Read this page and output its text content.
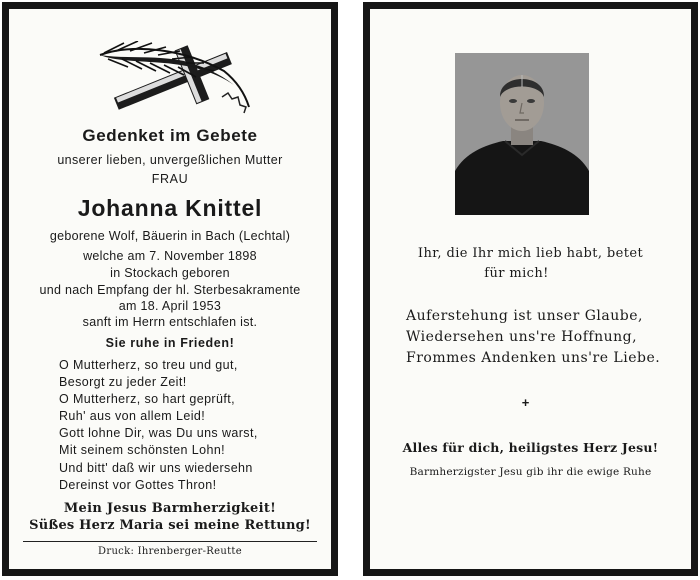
Gedenket im Gebete
unserer lieben, unvergeßlichen Mutter
FRAU
Johanna Knittel
geborene Wolf, Bäuerin in Bach (Lechtal)
welche am 7. November 1898
in Stockach geboren
und nach Empfang der hl. Sterbesakramente
am 18. April 1953
sanft im Herrn entschlafen ist.
Sie ruhe in Frieden!
O Mutterherz, so treu und gut,
Besorgt zu jeder Zeit!
O Mutterherz, so hart geprüft,
Ruh' aus von allem Leid!
Gott lohne Dir, was Du uns warst,
Mit seinem schönsten Lohn!
Und bitt' daß wir uns wiedersehn
Dereinst vor Gottes Thron!
Mein Jesus Barmherzigkeit!
Süßes Herz Maria sei meine Rettung!
Druck: Ihrenberger-Reutte
Ihr, die Ihr mich lieb habt, betet
für mich!
Auferstehung ist unser Glaube,
Wiedersehen uns're Hoffnung,
Frommes Andenken uns're Liebe.
+
Alles für dich, heiligstes Herz Jesu!
Barmherzigster Jesu gib ihr die ewige Ruhe
